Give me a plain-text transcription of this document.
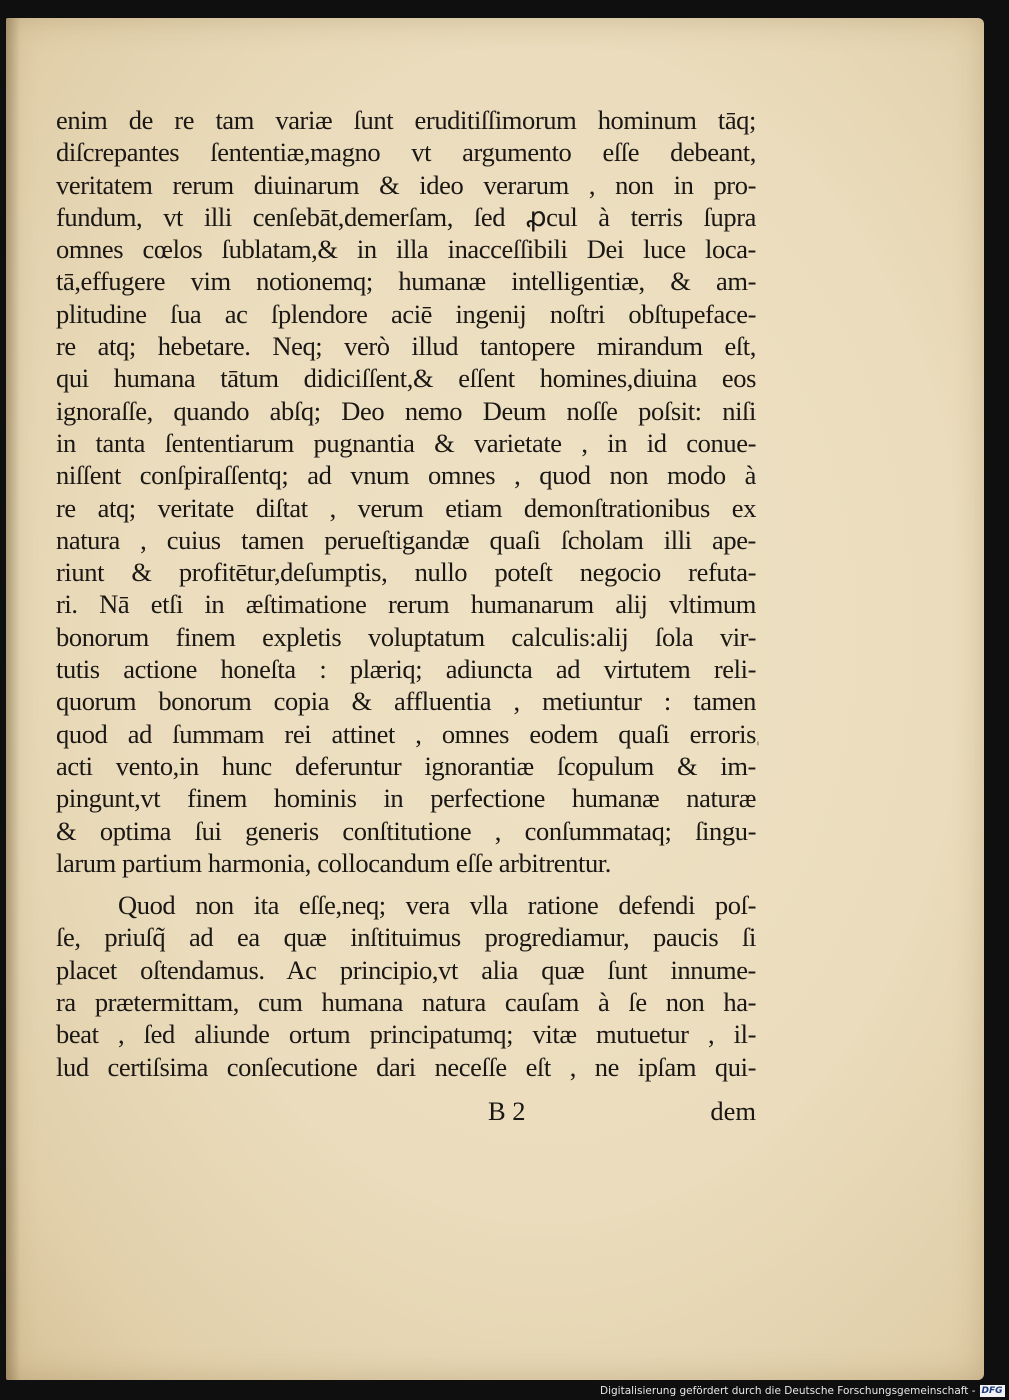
enim de re tam variæ ſunt eruditiſſimorum hominum tāq;
diſcrepantes ſententiæ,magno vt argumento eſſe debeant,
veritatem rerum diuinarum & ideo verarum , non in pro-
fundum, vt illi cenſebāt,demerſam, ſed ꝓcul à terris ſupra
omnes cœlos ſublatam,& in illa inacceſſibili Dei luce loca-
tā,effugere vim notionemq; humanæ intelligentiæ, & am-
plitudine ſua ac ſplendore aciē ingenij noſtri obſtupeface-
re atq; hebetare. Neq; verò illud tantopere mirandum eſt,
qui humana tātum didiciſſent,& eſſent homines,diuina eos
ignoraſſe, quando abſq; Deo nemo Deum noſſe poſsit: niſi
in tanta ſententiarum pugnantia & varietate , in id conue-
niſſent conſpiraſſentq; ad vnum omnes , quod non modo à
re atq; veritate diſtat , verum etiam demonſtrationibus ex
natura , cuius tamen perueſtigandæ quaſi ſcholam illi ape-
riunt & profitētur,deſumptis, nullo poteſt negocio refuta-
ri. Nā etſi in æſtimatione rerum humanarum alij vltimum
bonorum finem expletis voluptatum calculis:alij ſola vir-
tutis actione honeſta : plæriq; adiuncta ad virtutem reli-
quorum bonorum copia & affluentia , metiuntur : tamen
quod ad ſummam rei attinet , omnes eodem quaſi erroris
acti vento,in hunc deferuntur ignorantiæ ſcopulum & im-
pingunt,vt finem hominis in perfectione humanæ naturæ
& optima ſui generis conſtitutione , conſummataq; ſingu-
larum partium harmonia, collocandum eſſe arbitrentur.
Quod non ita eſſe,neq; vera vlla ratione defendi poſ-
ſe, priuſq̃ ad ea quæ inſtituimus progrediamur, paucis ſi
placet oſtendamus. Ac principio,vt alia quæ ſunt innume-
ra prætermittam, cum humana natura cauſam à ſe non ha-
beat , ſed aliunde ortum principatumq; vitæ mutuetur , il-
lud certiſsima conſecutione dari neceſſe eſt , ne ipſam qui-
B 2	dem
'
Digitalisierung gefördert durch die Deutsche Forschungsgemeinschaft - DFG
